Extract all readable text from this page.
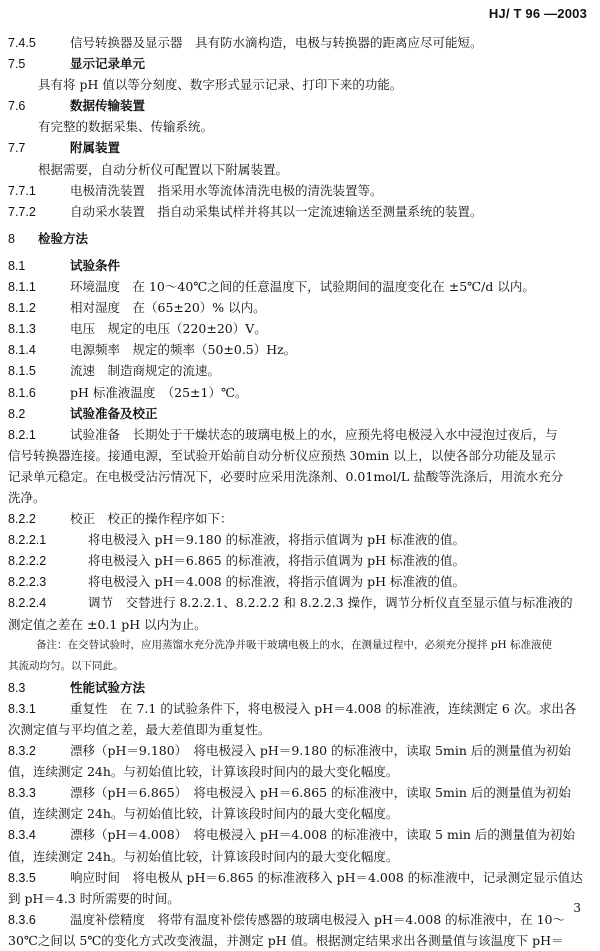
HJ/ T 96 —2003
7.4.5	信号转换器及显示器　具有防水滴构造，电极与转换器的距离应尽可能短。
7.5	显示记录单元
具有将 pH 值以等分刻度、数字形式显示记录、打印下来的功能。
7.6	数据传输装置
有完整的数据采集、传输系统。
7.7	附属装置
根据需要，自动分析仪可配置以下附属装置。
7.7.1	电极清洗装置　指采用水等流体清洗电极的清洗装置等。
7.7.2	自动采水装置　指自动采集试样并将其以一定流速输送至测量系统的装置。
8 检验方法
8.1	试验条件
8.1.1	环境温度　在 10～40℃之间的任意温度下，试验期间的温度变化在 ±5℃/d 以内。
8.1.2	相对湿度　在（65±20）% 以内。
8.1.3	电压　规定的电压（220±20）V。
8.1.4	电源频率　规定的频率（50±0.5）Hz。
8.1.5	流速　制造商规定的流速。
8.1.6	pH 标准液温度　（25±1）℃。
8.2	试验准备及校正
8.2.1	试验准备　长期处于干燥状态的玻璃电极上的水，应预先将电极浸入水中浸泡过夜后，与
信号转换器连接。接通电源，至试验开始前自动分析仪应预热 30min 以上，以使各部分功能及显示
记录单元稳定。在电极受沾污情况下，必要时应采用洗涤剂、0.01mol/L 盐酸等洗涤后，用流水充分
洗净。
8.2.2	校正　校正的操作程序如下：
8.2.2.1	将电极浸入 pH＝9.180 的标准液，将指示值调为 pH 标准液的值。
8.2.2.2	将电极浸入 pH＝6.865 的标准液，将指示值调为 pH 标准液的值。
8.2.2.3	将电极浸入 pH＝4.008 的标准液，将指示值调为 pH 标准液的值。
8.2.2.4	调节　交替进行 8.2.2.1、8.2.2.2 和 8.2.2.3 操作，调节分析仪直至显示值与标准液的
测定值之差在 ±0.1 pH 以内为止。
备注：在交替试验时，应用蒸馏水充分洗净并吸干玻璃电极上的水，在测量过程中，必须充分搅拌 pH 标准液使
其流动均匀。以下同此。
8.3	性能试验方法
8.3.1	重复性　在 7.1 的试验条件下，将电极浸入 pH＝4.008 的标准液，连续测定 6 次。求出各
次测定值与平均值之差，最大差值即为重复性。
8.3.2	漂移（pH＝9.180）　将电极浸入 pH＝9.180 的标准液中，读取 5min 后的测量值为初始
值，连续测定 24h。与初始值比较，计算该段时间内的最大变化幅度。
8.3.3	漂移（pH＝6.865）　将电极浸入 pH＝6.865 的标准液中，读取 5min 后的测量值为初始
值，连续测定 24h。与初始值比较，计算该段时间内的最大变化幅度。
8.3.4	漂移（pH＝4.008）　将电极浸入 pH＝4.008 的标准液中，读取 5 min 后的测量值为初始
值，连续测定 24h。与初始值比较，计算该段时间内的最大变化幅度。
8.3.5	响应时间　将电极从 pH＝6.865 的标准液移入 pH＝4.008 的标准液中，记录测定显示值达
到 pH＝4.3 时所需要的时间。
8.3.6	温度补偿精度　将带有温度补偿传感器的玻璃电极浸入 pH＝4.008 的标准液中，在 10～
30℃之间以 5℃的变化方式改变液温，并测定 pH 值。根据测定结果求出各测量值与该温度下 pH＝
3
